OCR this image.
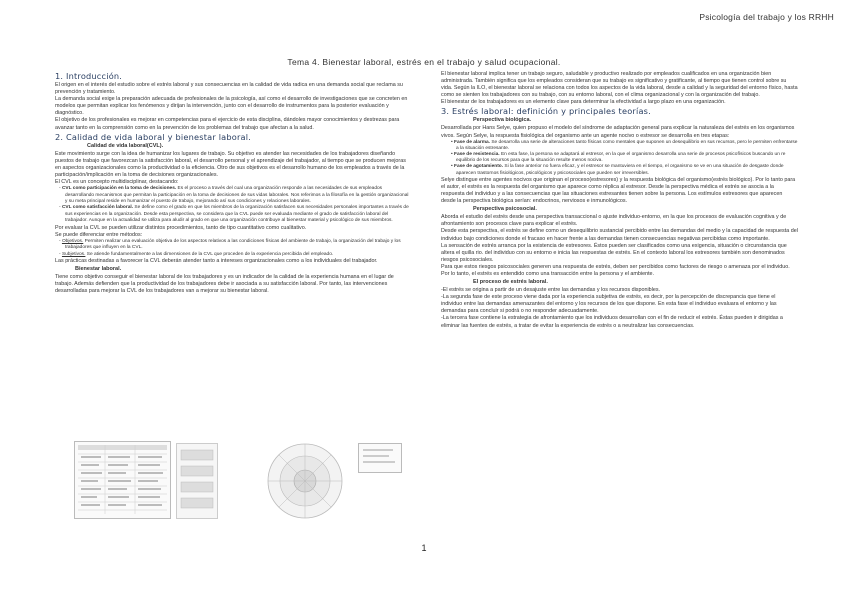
Psicología del trabajo y los RRHH
Tema 4. Bienestar laboral, estrés en el trabajo y salud ocupacional.
1. Introducción.

El origen en el interés del estudio sobre el estrés laboral y sus consecuencias en la calidad de vida radica en una demanda social que reclama su prevención y tratamiento.

La demanda social exige la preparación adecuada de profesionales de la psicología, así como el desarrollo de investigaciones que se concreten en modelos que permitan explicar los fenómenos y dirijan la intervención, junto con el desarrollo de instrumentos para la posterior evaluación y diagnóstico.

El objetivo de los profesionales es mejorar en competencias para el ejercicio de esta disciplina, dándoles mayor conocimientos y destrezas para avanzar tanto en la comprensión como en la prevención de los problemas del trabajo que afectan a la salud.

2. Calidad de vida laboral y bienestar laboral.
Calidad de vida laboral(CVL).

Este movimiento surge con la idea de humanizar los lugares de trabajo. Su objetivo es atender las necesidades de los trabajadores diseñando puestos de trabajo que favorezcan la satisfacción laboral, el desarrollo personal y el aprendizaje del trabajador, al tiempo que se producen mejoras en aspectos organizacionales como la productividad o la eficiencia. Otro de sus objetivos es el desarrollo humano de los empleados a través de la participación/implicación en la toma de decisiones organizacionales.

El CVL es un concepto multidisciplinar, destacando:

- CVL como participación en la toma de decisiones. Es el proceso a través del cual una organización responde a las necesidades de sus empleados desarrollando mecanismos que permitan la participación en la toma de decisiones de sus vidas laborales. Nos referimos a la filosofía en la gestión organizacional y su meta principal reside en humanizar el puesto de trabajo, mejorando así sus condiciones y relaciones laborales.
- CVL como satisfacción laboral. Se define como el grado en que los miembros de la organización satisfacen sus necesidades personales importantes a través de sus experiencias en la organización. Desde esta perspectiva, se considera que la CVL puede ser evaluada mediante el grado de satisfacción laboral del trabajador. Aunque en la actualidad se utiliza para aludir al grado en que una organización contribuye al bienestar material y psicológico de sus miembros.

Por evaluar la CVL se pueden utilizar distintos procedimientos, tanto de tipo cuantitativo como cualitativo.

Se puede diferenciar entre métodos:

- Objetivos. Permiten realizar una evaluación objetiva de los aspectos relativos a las condiciones físicas del ambiente de trabajo, la organización del trabajo y los trabajadores que influyen en la CVL.
- Subjetivos. Se atiende fundamentalmente a las dimensiones de la CVL que proceden de la experiencia percibida del empleado.

Las prácticas destinadas a favorecer la CVL deberán atender tanto a intereses organizacionales como a los individuales del trabajador.

Bienestar laboral.

Tiene como objetivo conseguir el bienestar laboral de los trabajadores y es un indicador de la calidad de la experiencia humana en el lugar de trabajo. Además defienden que la productividad de los trabajadores debe ir asociada a su satisfacción laboral. Por tanto, las intervenciones desarrolladas para mejorar la CVL de los trabajadores van a mejorar su bienestar laboral.

El bienestar laboral implica tener un trabajo seguro, saludable y productivo realizado por empleados cualificados en una organización bien administrada. También significa que los empleados consideran que su trabajo es significativo y gratificante, al tiempo que tienen control sobre su vida. Según la ILO, el bienestar laboral se relaciona con todos los aspectos de la vida laboral, desde a calidad y la seguridad del entorno físico, hasta como se sienten los trabajadores con su trabajo, con su entorno laboral, con el clima organizacional y con la organización del trabajo.

El bienestar de los trabajadores es un elemento clave para determinar la efectividad a largo plazo en una organización.

3. Estrés laboral: definición y principales teorías.
Perspectiva biológica.

Desarrollada por Hans Selye, quien propuso el modelo del síndrome de adaptación general para explicar la naturaleza del estrés en los organismos vivos. Según Selye, la respuesta fisiológica del organismo ante un agente nocivo o estresor se desarrolla en tres etapas:

• Fase de alarma. Se desarrolla una serie de alteraciones tanto físicas como mentales que suponen un desequilibrio en sus recursos, pero le permiten enfrentarse a la situación estresante.
• Fase de resistencia. En esta fase, la persona se adaptará al estresor, en la que el organismo desarrolla una serie de procesos psicofísicos buscando un re equilibrio de los recursos para que la situación resulte menos nociva.
• Fase de agotamiento. Si la fase anterior no fuera eficaz, y el estresor se mantuviera en el tiempo, el organismo se ve en una situación de desgaste donde aparecen trastornos fisiológicos, psicológicos y psicosociales que pueden ser irreversibles.

Selye distingue entre agentes nocivos que originan el proceso(estresores) y la respuesta biológica del organismo(estrés biológico). Por lo tanto para el autor, el estrés es la respuesta del organismo que aparece como réplica al estresor. Desde la perspectiva médica el estrés se asocia a la respuesta del individuo y a las consecuencias que las situaciones estresantes tienen sobre la persona. Los estímulos estresores que aparecen desde la perspectiva biológica serían: endocrinos, nerviosos e inmunológicos.

Perspectiva psicosocial.

Aborda el estudio del estrés desde una perspectiva transaccional o ajuste individuo-entorno, en la que los procesos de evaluación cognitiva y de afrontamiento son procesos clave para explicar el estrés.

Desde esta perspectiva, el estrés se define como un desequilibrio sustancial percibido entre las demandas del medio y la capacidad de respuesta del individuo bajo condiciones donde el fracaso en hacer frente a las demandas tienen consecuencias negativas percibidas como importante.

La sensación de estrés arranca por la existencia de estresores. Éstos pueden ser clasificados como una exigencia, situación o circunstancia que altera el quilla rio. del individuo con su entorno e inicia las respuestas de estrés. En el contexto laboral los estresores también son denominados riesgos psicosociales.

Para que estos riesgos psicosociales generen una respuesta de estrés, deben ser percibidos como factores de riesgo o amenaza por el individuo. Por lo tanto, el estrés es entendido como una transacción entre la persona y el ambiente.

El proceso de estrés laboral.

-El estrés se origina a partir de un desajuste entre las demandas y los recursos disponibles.

-La segunda fase de este proceso viene dada por la experiencia subjetiva de estrés, es decir, por la percepción de discrepancia que tiene el individuo entre las demandas amenazantes del entorno y los recursos de los que dispone. En esta fase el individuo evaluara el entorno y las demandas para concluir si podrá o no responder adecuadamente.

-La tercera fase contiene la estrategia de afrontamiento que los individuos desarrollan con el fin de reducir el estrés. Éstas pueden ir dirigidas a eliminar las fuentes de estrés, a tratar de evitar la experiencia de estrés o a neutralizar las consecuencias.

1
